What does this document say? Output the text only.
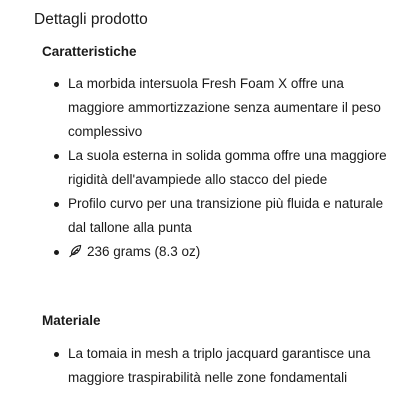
Dettagli prodotto
Caratteristiche
La morbida intersuola Fresh Foam X offre una maggiore ammortizzazione senza aumentare il peso complessivo
La suola esterna in solida gomma offre una maggiore rigidità dell'avampiede allo stacco del piede
Profilo curvo per una transizione più fluida e naturale dal tallone alla punta
236 grams (8.3 oz)
Materiale
La tomaia in mesh a triplo jacquard garantisce una maggiore traspirabilità nelle zone fondamentali
